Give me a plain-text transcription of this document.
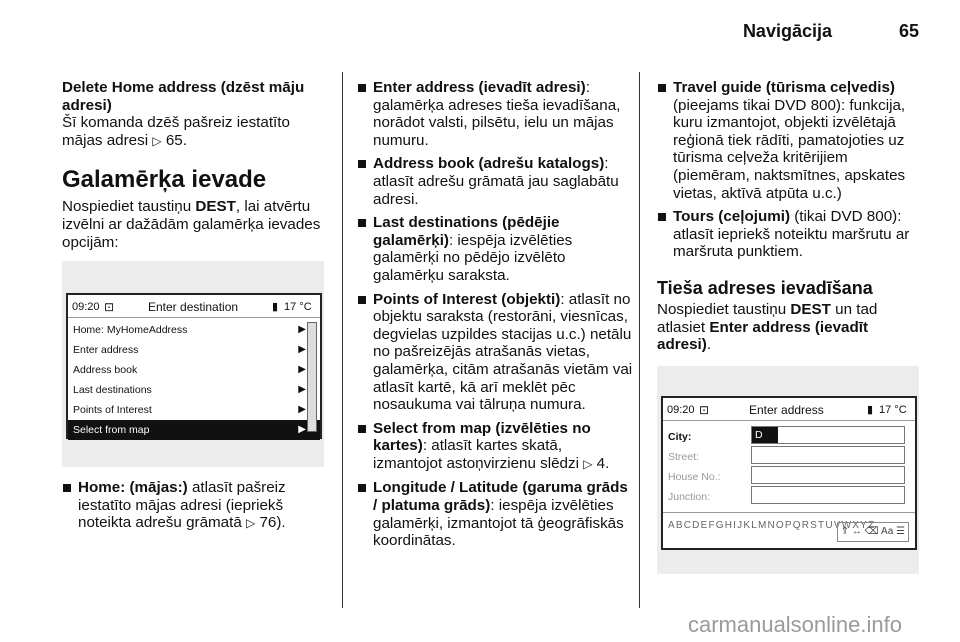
Navigācija	65

Delete Home address (dzēst māju adresi)

Šī komanda dzēš pašreiz iestatīto mājas adresi ▷ 65.

Galamērķa ievade

Nospiediet taustiņu DEST, lai atvērtu izvēlni ar dažādām galamērķa ievades opcijām:

09:20 ⊡	Enter destination	▮ 17 °C
Home: MyHomeAddress	▶
Enter address	▶
Address book	▶
Last destinations	▶
Points of Interest	▶
Select from map	▶
Home: (mājas:) atlasīt pašreiz iestatīto mājas adresi (iepriekš noteikta adrešu grāmatā ▷ 76).
Enter address (ievadīt adresi): galamērķa adreses tieša ievadīšana, norādot valsti, pilsētu, ielu un mājas numuru.
Address book (adrešu katalogs): atlasīt adrešu grāmatā jau saglabātu adresi.
Last destinations (pēdējie galamērķi): iespēja izvēlēties galamērķi no pēdējo izvēlēto galamērķu saraksta.
Points of Interest (objekti): atlasīt no objektu saraksta (restorāni, viesnīcas, degvielas uzpildes stacijas u.c.) netālu no pašreizējās atrašanās vietas, galamērķa, citām atrašanās vietām vai atlasīt kartē, kā arī meklēt pēc nosaukuma vai tālruņa numura.
Select from map (izvēlēties no kartes): atlasīt kartes skatā, izmantojot astoņvirzienu slēdzi ▷ 4.
Longitude / Latitude (garuma grāds / platuma grāds): iespēja izvēlēties galamērķi, izmantojot tā ģeogrāfiskās koordinātas.
Travel guide (tūrisma ceļvedis) (pieejams tikai DVD 800): funkcija, kuru izmantojot, objekti izvēlētajā reģionā tiek rādīti, pamatojoties uz tūrisma ceļveža kritērijiem (piemēram, naktsmītnes, apskates vietas, aktīvā atpūta u.c.)
Tours (ceļojumi) (tikai DVD 800): atlasīt iepriekš noteiktu maršrutu ar maršruta punktiem.
Tieša adreses ievadīšana

Nospiediet taustiņu DEST un tad atlasiet Enter address (ievadīt adresi).

09:20 ⊡	Enter address	▮ 17 °C
City:	D
Street:
House No.:
Junction:
ABCDEFGHIJKLMNOPQRSTUVWXYZ
⇑ ↔ ⌫ Aa ☰
carmanualsonline.info
